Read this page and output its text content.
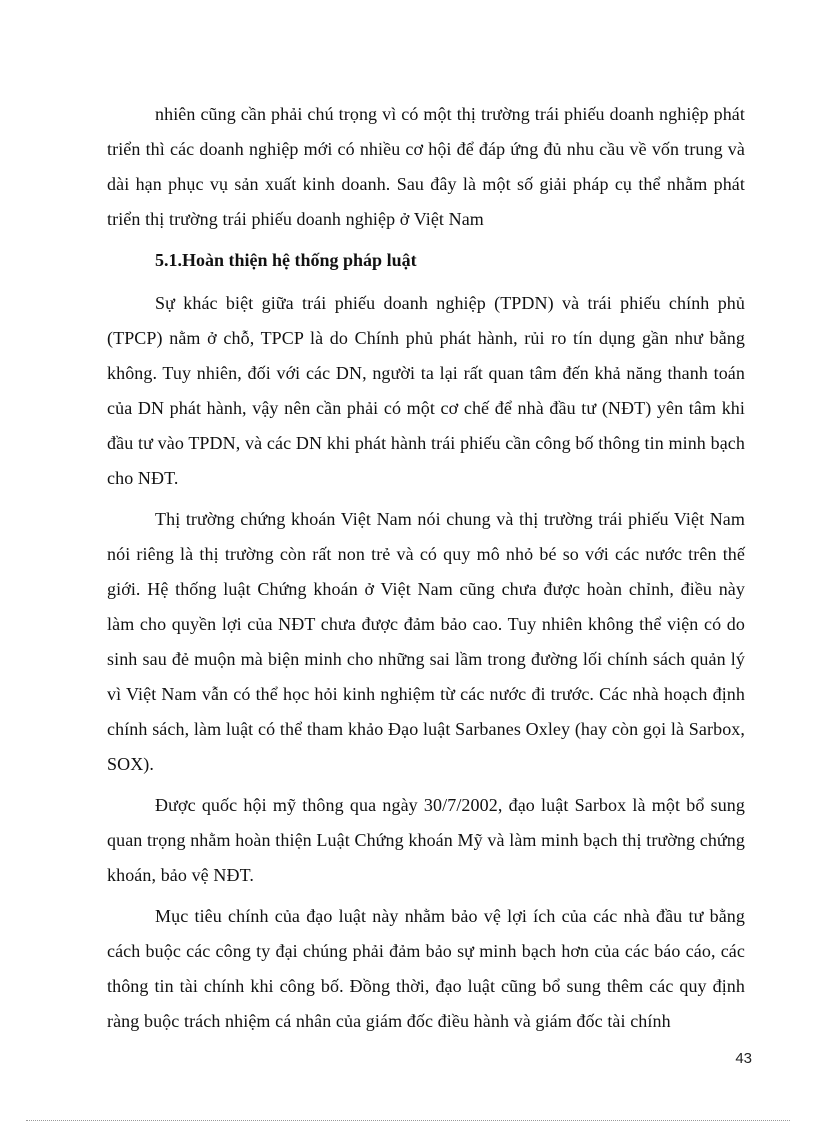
nhiên cũng cần phải chú trọng vì có một thị trường trái phiếu doanh nghiệp phát triển thì các doanh nghiệp mới có nhiều cơ hội để đáp ứng đủ nhu cầu về vốn trung và dài hạn phục vụ sản xuất kinh doanh. Sau đây là một số giải pháp cụ thể nhằm phát triển thị trường trái phiếu doanh nghiệp ở Việt Nam

5.1.Hoàn thiện hệ thống pháp luật

Sự khác biệt giữa trái phiếu doanh nghiệp (TPDN) và trái phiếu chính phủ (TPCP) nằm ở chỗ, TPCP là do Chính phủ phát hành, rủi ro tín dụng gần như bằng không. Tuy nhiên, đối với các DN, người ta lại rất quan tâm đến khả năng thanh toán của DN phát hành, vậy nên cần phải có một cơ chế để nhà đầu tư (NĐT) yên tâm khi đầu tư vào TPDN, và các DN khi phát hành trái phiếu cần công bố thông tin minh bạch cho NĐT.

Thị trường chứng khoán Việt Nam nói chung và thị trường trái phiếu Việt Nam nói riêng là thị trường còn rất non trẻ và có quy mô nhỏ bé so với các nước trên thế giới. Hệ thống luật Chứng khoán ở Việt Nam cũng chưa được hoàn chỉnh, điều này làm cho quyền lợi của NĐT chưa được đảm bảo cao. Tuy nhiên không thể viện có do sinh sau đẻ muộn mà biện minh cho những sai lầm trong đường lối chính sách quản lý vì Việt Nam vẫn có thể học hỏi kinh nghiệm từ các nước đi trước. Các nhà hoạch định chính sách, làm luật có thể tham khảo Đạo luật Sarbanes Oxley (hay còn gọi là Sarbox, SOX).

Được quốc hội mỹ thông qua ngày 30/7/2002, đạo luật Sarbox là một bổ sung quan trọng nhằm hoàn thiện Luật Chứng khoán Mỹ và làm minh bạch thị trường chứng khoán, bảo vệ NĐT.

Mục tiêu chính của đạo luật này nhằm bảo vệ lợi ích của các nhà đầu tư bằng cách buộc các công ty đại chúng phải đảm bảo sự minh bạch hơn của các báo cáo, các thông tin tài chính khi công bố. Đồng thời, đạo luật cũng bổ sung thêm các quy định ràng buộc trách nhiệm cá nhân của giám đốc điều hành và giám đốc tài chính

43
